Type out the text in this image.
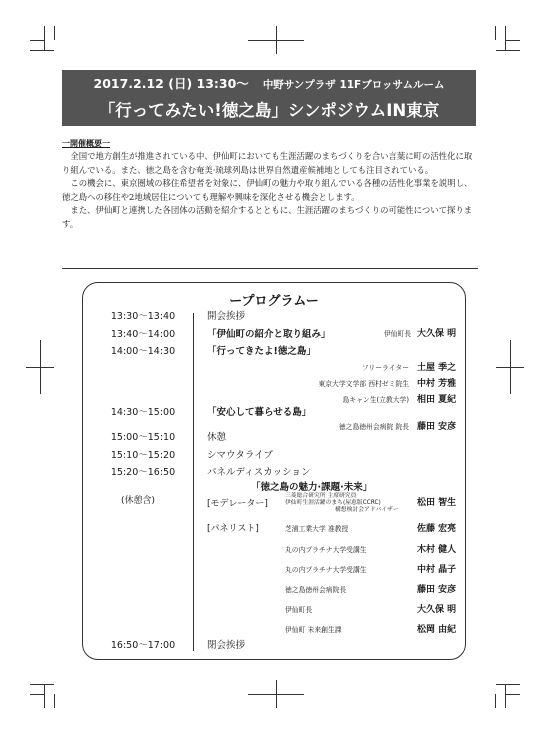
2017.2.12 (日) 13:30～ 中野サンプラザ 11Fブロッサムルーム
「行ってみたい!徳之島」シンポジウムIN東京
一開催概要一

全国で地方創生が推進されている中、伊仙町においても生涯活躍のまちづくりを合い言葉に町の活性化に取り組んでいる。また、徳之島を含む奄美·琉球列島は世界自然遺産候補地としても注目されている。

この機会に、東京圏域の移住希望者を対象に、伊仙町の魅力や取り組んでいる各種の活性化事業を説明し、徳之島への移住や2地域居住についても理解や興味を深化させる機会とします。

また、伊仙町と連携した各団体の活動を紹介するとともに、生涯活躍のまちづくりの可能性について探ります。

ープログラムー
13:30～13:40	開会挨拶
13:40～14:00	「伊仙町の紹介と取り組み」	伊仙町長 大久保 明
14:00～14:30	「行ってきたよ!徳之島」
フリーライター 土屋 季之
東京大学文学部 西村ゼミ院生 中村 芳雅
島キャン生(立教大学) 相田 夏紀
14:30～15:00	「安心して暮らせる島」
徳之島徳州会病院 院長 藤田 安彦
15:00～15:10	休憩
15:10～15:20	シマウタライブ
15:20～16:50	パネルディスカッション
「徳之島の魅力·課題·未来」
(休憩含)	[モデレーター]
三菱総合研究所 主席研究員
伊仙町生涯活躍のまち(屋恵版CCRC)
構想検討会アドバイザー
松田 智生
[パネリスト]	芝浦工業大学 准教授	佐藤 宏亮
丸の内プラチナ大学受講生	木村 健人
丸の内プラチナ大学受講生	中村 晶子
徳之島徳州会病院長	藤田 安彦
伊仙町長	大久保 明
伊仙町 未来創生課	松岡 由紀
16:50～17:00	閉会挨拶
